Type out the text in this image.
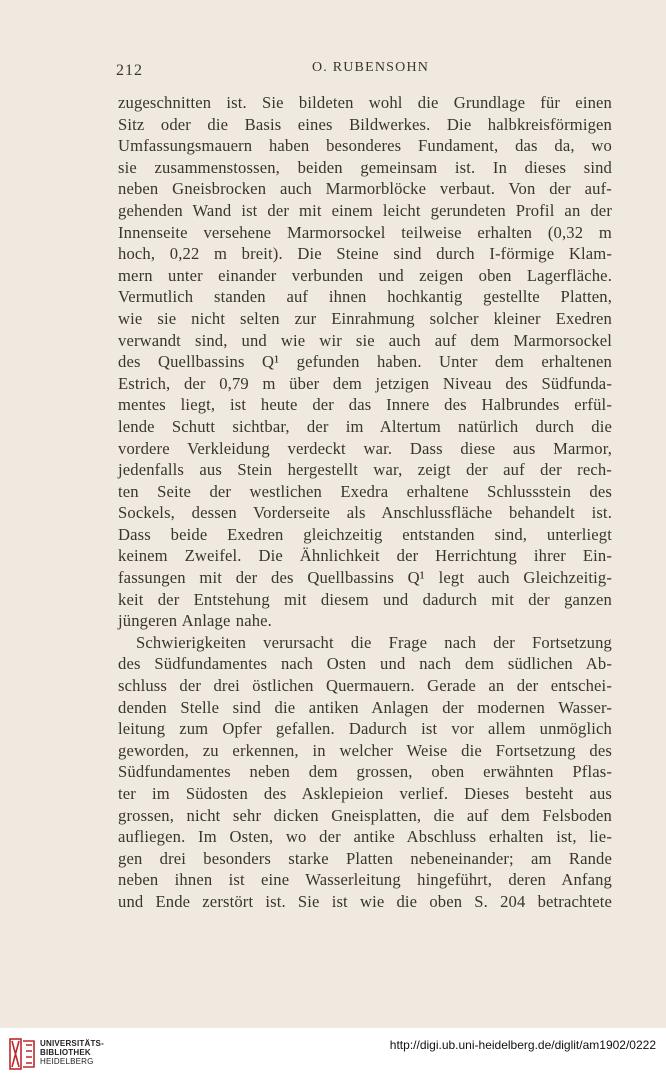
212	O. RUBENSOHN
zugeschnitten ist. Sie bildeten wohl die Grundlage für einen
Sitz oder die Basis eines Bildwerkes. Die halbkreisförmigen
Umfassungsmauern haben besonderes Fundament, das da, wo
sie zusammenstossen, beiden gemeinsam ist. In dieses sind
neben Gneisbrocken auch Marmorblöcke verbaut. Von der auf-
gehenden Wand ist der mit einem leicht gerundeten Profil an der
Innenseite versehene Marmorsockel teilweise erhalten (0,32 m
hoch, 0,22 m breit). Die Steine sind durch I-förmige Klam-
mern unter einander verbunden und zeigen oben Lagerfläche.
Vermutlich standen auf ihnen hochkantig gestellte Platten,
wie sie nicht selten zur Einrahmung solcher kleiner Exedren
verwandt sind, und wie wir sie auch auf dem Marmorsockel
des Quellbassins Q¹ gefunden haben. Unter dem erhaltenen
Estrich, der 0,79 m über dem jetzigen Niveau des Südfunda-
mentes liegt, ist heute der das Innere des Halbrundes erfül-
lende Schutt sichtbar, der im Altertum natürlich durch die
vordere Verkleidung verdeckt war. Dass diese aus Marmor,
jedenfalls aus Stein hergestellt war, zeigt der auf der rech-
ten Seite der westlichen Exedra erhaltene Schlussstein des
Sockels, dessen Vorderseite als Anschlussfläche behandelt ist.
Dass beide Exedren gleichzeitig entstanden sind, unterliegt
keinem Zweifel. Die Ähnlichkeit der Herrichtung ihrer Ein-
fassungen mit der des Quellbassins Q¹ legt auch Gleichzeitig-
keit der Entstehung mit diesem und dadurch mit der ganzen
jüngeren Anlage nahe.
Schwierigkeiten verursacht die Frage nach der Fortsetzung
des Südfundamentes nach Osten und nach dem südlichen Ab-
schluss der drei östlichen Quermauern. Gerade an der entschei-
denden Stelle sind die antiken Anlagen der modernen Wasser-
leitung zum Opfer gefallen. Dadurch ist vor allem unmöglich
geworden, zu erkennen, in welcher Weise die Fortsetzung des
Südfundamentes neben dem grossen, oben erwähnten Pflas-
ter im Südosten des Asklepieion verlief. Dieses besteht aus
grossen, nicht sehr dicken Gneisplatten, die auf dem Felsboden
aufliegen. Im Osten, wo der antike Abschluss erhalten ist, lie-
gen drei besonders starke Platten nebeneinander; am Rande
neben ihnen ist eine Wasserleitung hingeführt, deren Anfang
und Ende zerstört ist. Sie ist wie die oben S. 204 betrachtete
UNIVERSITÄTS-
BIBLIOTHEK
HEIDELBERG
http://digi.ub.uni-heidelberg.de/diglit/am1902/0222
